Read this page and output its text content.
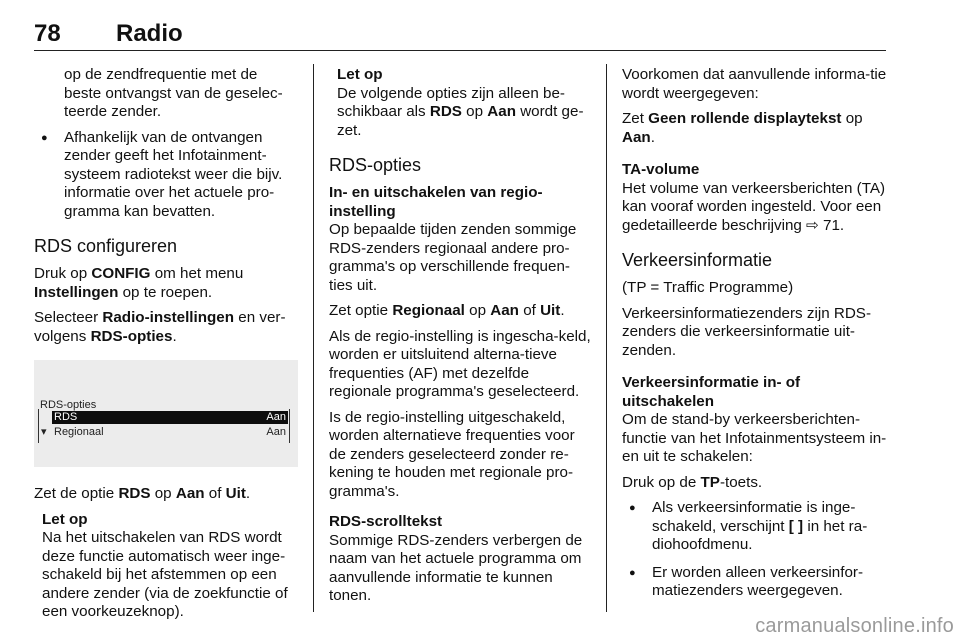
78 Radio

op de zendfrequentie met de beste ontvangst van de geselec-teerde zender.

● Afhankelijk van de ontvangen zender geeft het Infotainment-systeem radiotekst weer die bijv. informatie over het actuele pro-gramma kan bevatten.
RDS configureren

Druk op CONFIG om het menu Instellingen op te roepen.

Selecteer Radio-instellingen en ver-volgens RDS-opties.

RDS-opties
RDS	Aan
▾ Regionaal	Aan

Zet de optie RDS op Aan of Uit.

Let op
Na het uitschakelen van RDS wordt deze functie automatisch weer inge-schakeld bij het afstemmen op een andere zender (via de zoekfunctie of een voorkeuzeknop).
Let op
De volgende opties zijn alleen be-schikbaar als RDS op Aan wordt ge-zet.
RDS-opties
In- en uitschakelen van regio-instelling

Op bepaalde tijden zenden sommige RDS-zenders regionaal andere pro-gramma's op verschillende frequen-ties uit.

Zet optie Regionaal op Aan of Uit.

Als de regio-instelling is ingescha-keld, worden er uitsluitend alterna-tieve frequenties (AF) met dezelfde regionale programma's geselecteerd.

Is de regio-instelling uitgeschakeld, worden alternatieve frequenties voor de zenders geselecteerd zonder re-kening te houden met regionale pro-gramma's.

RDS-scrolltekst

Sommige RDS-zenders verbergen de naam van het actuele programma om aanvullende informatie te kunnen tonen.

Voorkomen dat aanvullende informa-tie wordt weergegeven:

Zet Geen rollende displaytekst op Aan.

TA-volume

Het volume van verkeersberichten (TA) kan vooraf worden ingesteld. Voor een gedetailleerde beschrijving ⇨ 71.

Verkeersinformatie

(TP = Traffic Programme)

Verkeersinformatiezenders zijn RDS-zenders die verkeersinformatie uit-zenden.

Verkeersinformatie in- of uitschakelen

Om de stand-by verkeersberichten-functie van het Infotainmentsysteem in- en uit te schakelen:

Druk op de TP-toets.

● Als verkeersinformatie is inge-schakeld, verschijnt [ ] in het ra-diohoofdmenu.
● Er worden alleen verkeersinfor-matiezenders weergegeven.
carmanualsonline.info
